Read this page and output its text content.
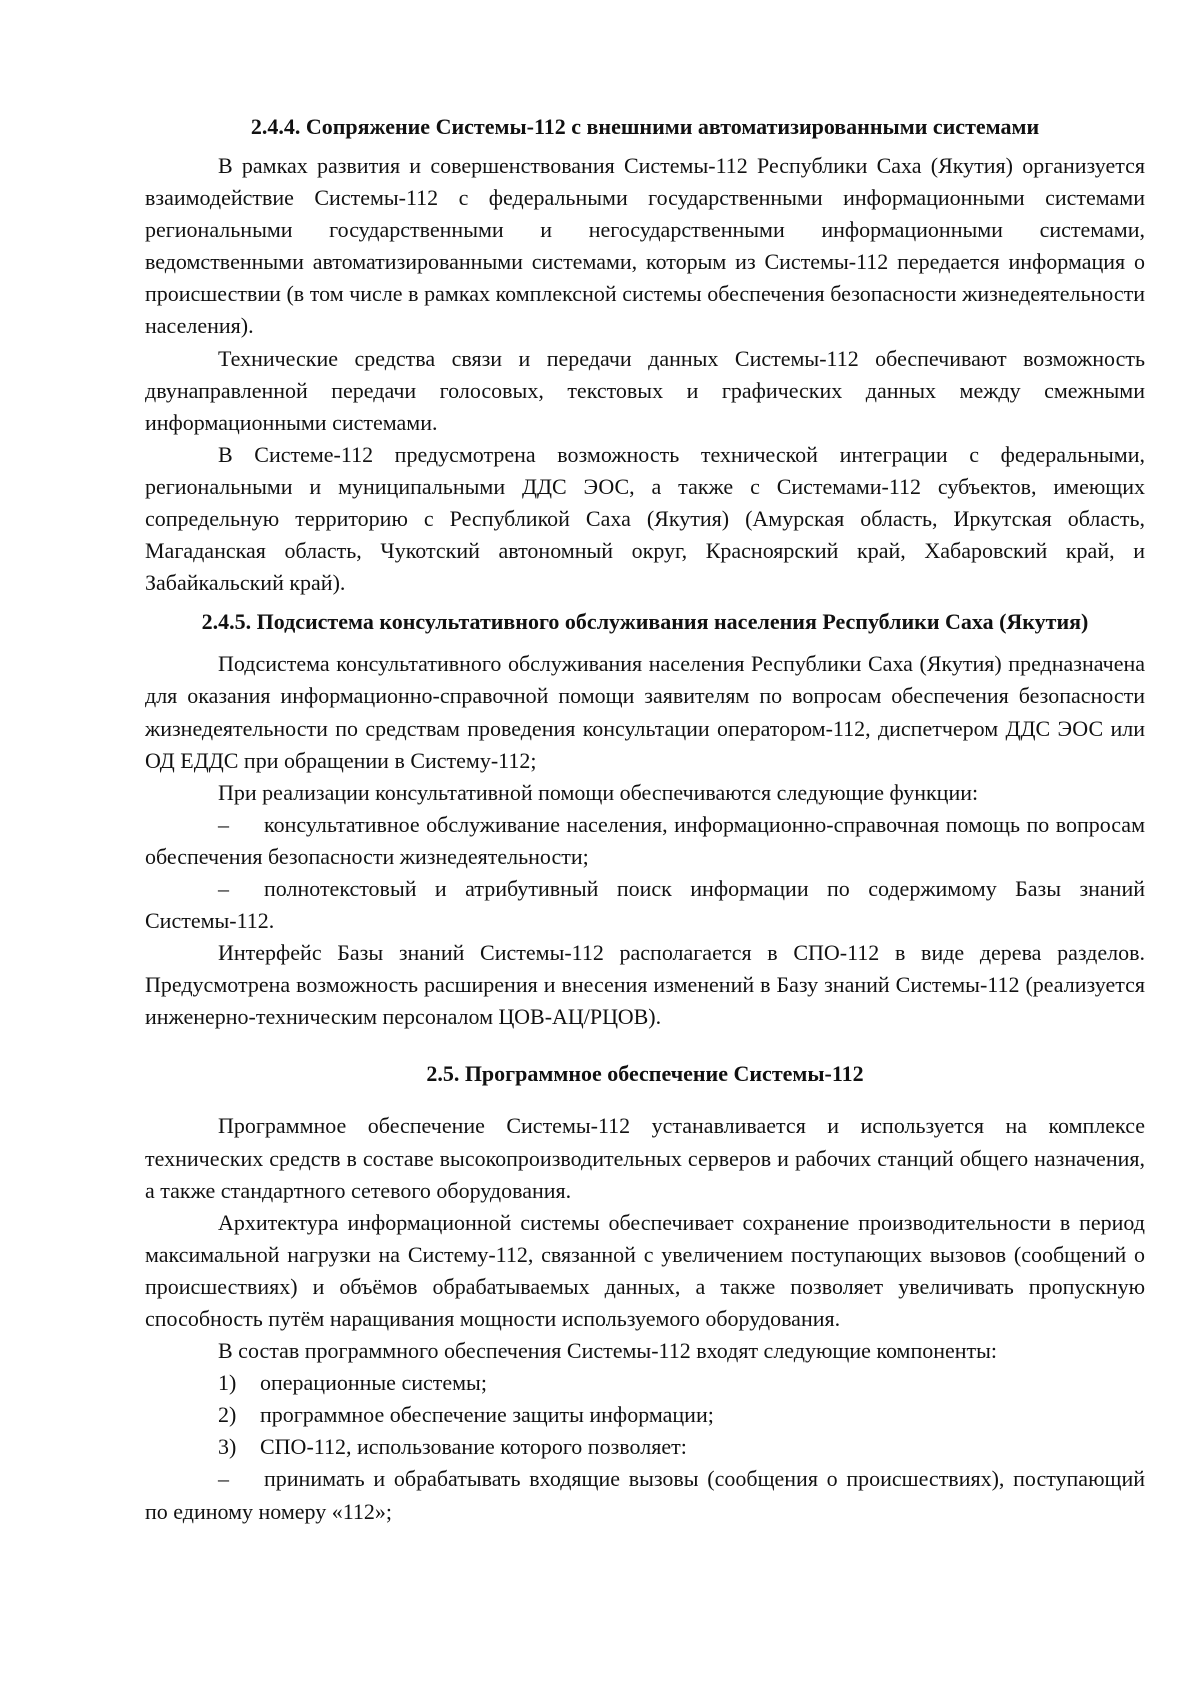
2.4.4. Сопряжение Системы-112 с внешними автоматизированными системами

В рамках развития и совершенствования Системы-112 Республики Саха (Якутия) организуется взаимодействие Системы-112 с федеральными государственными информационными системами региональными государственными и негосударственными информационными системами, ведомственными автоматизированными системами, которым из Системы-112 передается информация о происшествии (в том числе в рамках комплексной системы обеспечения безопасности жизнедеятельности населения).

Технические средства связи и передачи данных Системы-112 обеспечивают возможность двунаправленной передачи голосовых, текстовых и графических данных между смежными информационными системами.

В Системе-112 предусмотрена возможность технической интеграции с федеральными, региональными и муниципальными ДДС ЭОС, а также с Системами-112 субъектов, имеющих сопредельную территорию с Республикой Саха (Якутия) (Амурская область, Иркутская область, Магаданская область, Чукотский автономный округ, Красноярский край, Хабаровский край, и Забайкальский край).

2.4.5. Подсистема консультативного обслуживания населения Республики Саха (Якутия)

Подсистема консультативного обслуживания населения Республики Саха (Якутия) предназначена для оказания информационно-справочной помощи заявителям по вопросам обеспечения безопасности жизнедеятельности по средствам проведения консультации оператором-112, диспетчером ДДС ЭОС или ОД ЕДДС при обращении в Систему-112;

При реализации консультативной помощи обеспечиваются следующие функции:

– консультативное обслуживание населения, информационно-справочная помощь по вопросам обеспечения безопасности жизнедеятельности;

– полнотекстовый и атрибутивный поиск информации по содержимому Базы знаний Системы-112.

Интерфейс Базы знаний Системы-112 располагается в СПО-112 в виде дерева разделов. Предусмотрена возможность расширения и внесения изменений в Базу знаний Системы-112 (реализуется инженерно-техническим персоналом ЦОВ-АЦ/РЦОВ).

2.5. Программное обеспечение Системы-112

Программное обеспечение Системы-112 устанавливается и используется на комплексе технических средств в составе высокопроизводительных серверов и рабочих станций общего назначения, а также стандартного сетевого оборудования.

Архитектура информационной системы обеспечивает сохранение производительности в период максимальной нагрузки на Систему-112, связанной с увеличением поступающих вызовов (сообщений о происшествиях) и объёмов обрабатываемых данных, а также позволяет увеличивать пропускную способность путём наращивания мощности используемого оборудования.

В состав программного обеспечения Системы-112 входят следующие компоненты:

1) операционные системы;

2) программное обеспечение защиты информации;

3) СПО-112, использование которого позволяет:

– принимать и обрабатывать входящие вызовы (сообщения о происшествиях), поступающий по единому номеру «112»;
